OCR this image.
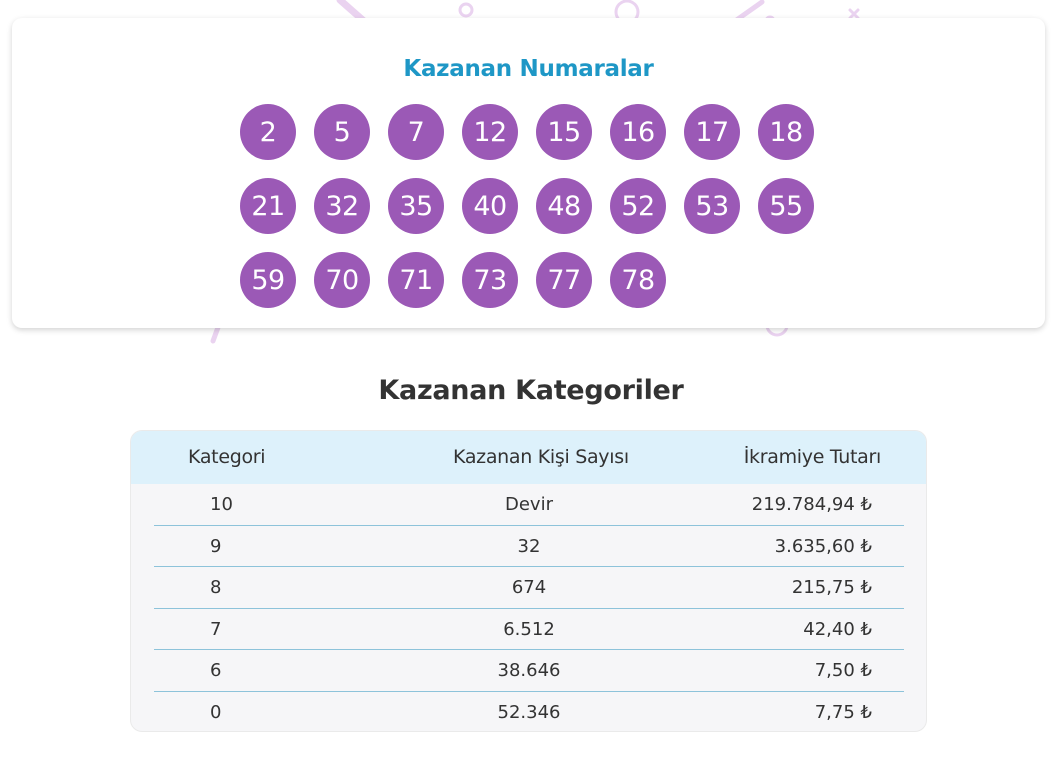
Kazanan Numaralar
2	5	7	12	15	16	17	18
21	32	35	40	48	52	53	55
59	70	71	73	77	78
Kazanan Kategoriler
Kategori	Kazanan Kişi Sayısı	İkramiye Tutarı
10	Devir	219.784,94 ₺
9	32	3.635,60 ₺
8	674	215,75 ₺
7	6.512	42,40 ₺
6	38.646	7,50 ₺
0	52.346	7,75 ₺
